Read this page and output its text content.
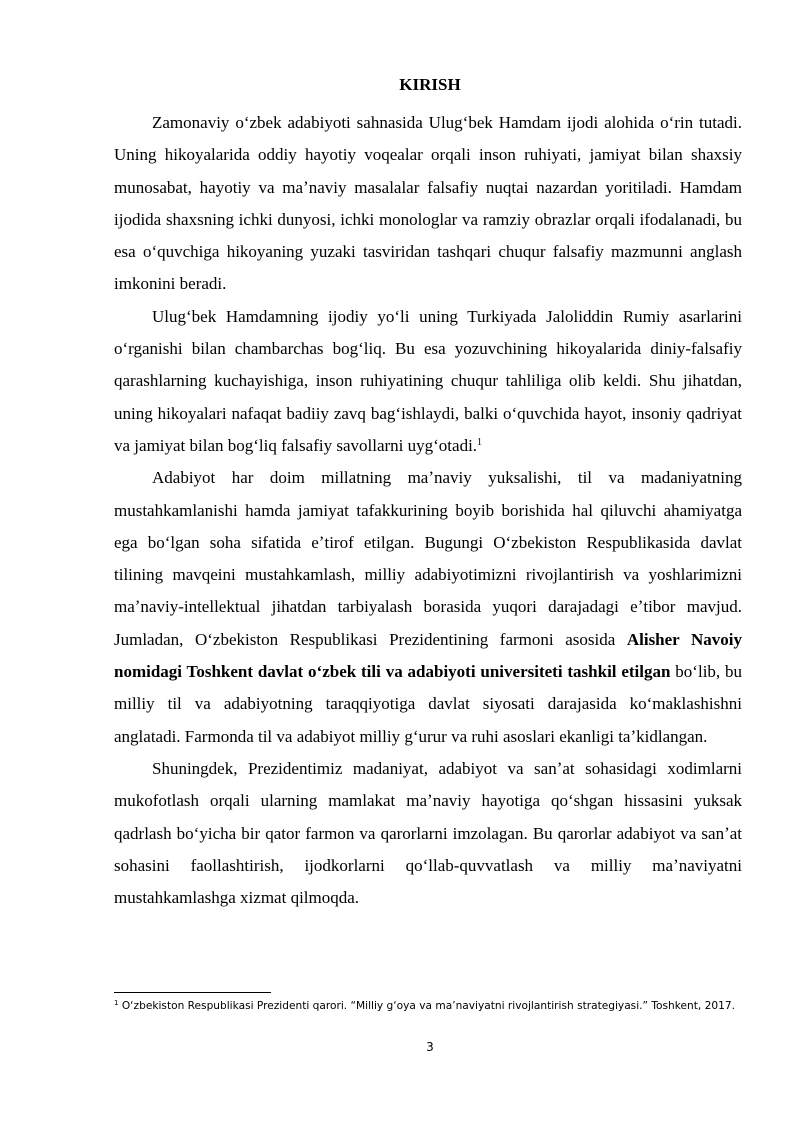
KIRISH

Zamonaviy oʻzbek adabiyoti sahnasida Ulugʻbek Hamdam ijodi alohida oʻrin tutadi. Uning hikoyalarida oddiy hayotiy voqealar orqali inson ruhiyati, jamiyat bilan shaxsiy munosabat, hayotiy va maʼnaviy masalalar falsafiy nuqtai nazardan yoritiladi. Hamdam ijodida shaxsning ichki dunyosi, ichki monologlar va ramziy obrazlar orqali ifodalanadi, bu esa oʻquvchiga hikoyaning yuzaki tasviridan tashqari chuqur falsafiy mazmunni anglash imkonini beradi.

Ulugʻbek Hamdamning ijodiy yoʻli uning Turkiyada Jaloliddin Rumiy asarlarini oʻrganishi bilan chambarchas bogʻliq. Bu esa yozuvchining hikoyalarida diniy-falsafiy qarashlarning kuchayishiga, inson ruhiyatining chuqur tahliliga olib keldi. Shu jihatdan, uning hikoyalari nafaqat badiiy zavq bagʻishlaydi, balki oʻquvchida hayot, insoniy qadriyat va jamiyat bilan bogʻliq falsafiy savollarni uygʻotadi.$^1$

Adabiyot har doim millatning maʼnaviy yuksalishi, til va madaniyatning mustahkamlanishi hamda jamiyat tafakkurining boyib borishida hal qiluvchi ahamiyatga ega boʻlgan soha sifatida eʼtirof etilgan. Bugungi Oʻzbekiston Respublikasida davlat tilining mavqeini mustahkamlash, milliy adabiyotimizni rivojlantirish va yoshlarimizni maʼnaviy-intellektual jihatdan tarbiyalash borasida yuqori darajadagi eʼtibor mavjud. Jumladan, Oʻzbekiston Respublikasi Prezidentining farmoni asosida Alisher Navoiy nomidagi Toshkent davlat oʻzbek tili va adabiyoti universiteti tashkil etilgan boʻlib, bu milliy til va adabiyotning taraqqiyotiga davlat siyosati darajasida koʻmaklashishni anglatadi. Farmonda til va adabiyot milliy gʻurur va ruhi asoslari ekanligi taʼkidlangan.

Shuningdek, Prezidentimiz madaniyat, adabiyot va sanʼat sohasidagi xodimlarni mukofotlash orqali ularning mamlakat maʼnaviy hayotiga qoʻshgan hissasini yuksak qadrlash boʻyicha bir qator farmon va qarorlarni imzolagan. Bu qarorlar adabiyot va sanʼat sohasini faollashtirish, ijodkorlarni qoʻllab-quvvatlash va milliy maʼnaviyatni mustahkamlashga xizmat qilmoqda.

$^1$ O‘zbekiston Respublikasi Prezidenti qarori. “Milliy g‘oya va ma’naviyatni rivojlantirish strategiyasi.” Toshkent, 2017.

3
